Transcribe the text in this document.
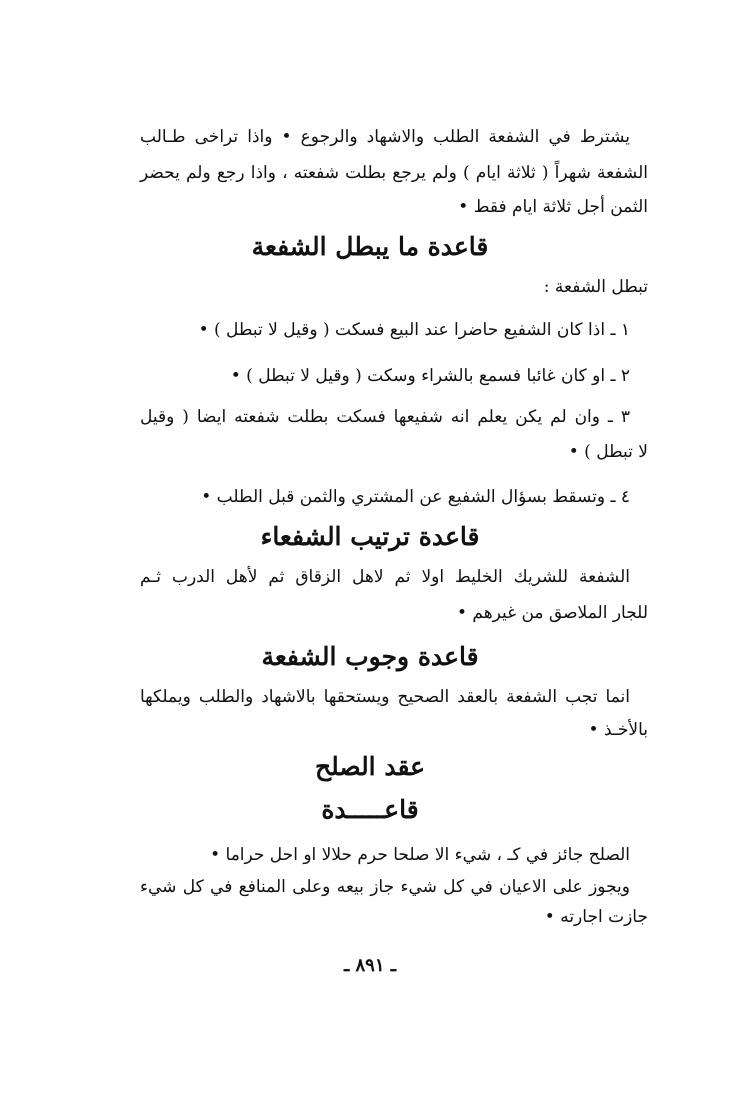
يشترط في الشفعة الطلب والاشهاد والرجوع • واذا تراخى طـالب
الشفعة شهراً ( ثلاثة ايام ) ولم يرجع بطلت شفعته ، واذا رجع ولم يحضر
الثمن أجل ثلاثة ايام فقط •
قاعدة ما يبطل الشفعة
تبطل الشفعة :
١ ـ اذا كان الشفيع حاضرا عند البيع فسكت ( وقيل لا تبطل ) •
٢ ـ او كان غائبا فسمع بالشراء وسكت ( وقيل لا تبطل ) •
٣ ـ وان لم يكن يعلم انه شفيعها فسكت بطلت شفعته ايضا ( وقيل
لا تبطل ) •
٤ ـ وتسقط بسؤال الشفيع عن المشتري والثمن قبل الطلب •
قاعدة ترتيب الشفعاء
الشفعة للشريك الخليط اولا ثم لاهل الزقاق ثم لأهل الدرب ثـم
للجار الملاصق من غيرهم •
قاعدة وجوب الشفعة
انما تجب الشفعة بالعقد الصحيح ويستحقها بالاشهاد والطلب ويملكها
بالأخـذ •
عقد الصلح
قاعـــــدة
الصلح جائز في كـ ، شيء الا صلحا حرم حلالا او احل حراما •
ويجوز على الاعيان في كل شيء جاز بيعه وعلى المنافع في كل شيء
جازت اجارته •
ـ ٨٩١ ـ
